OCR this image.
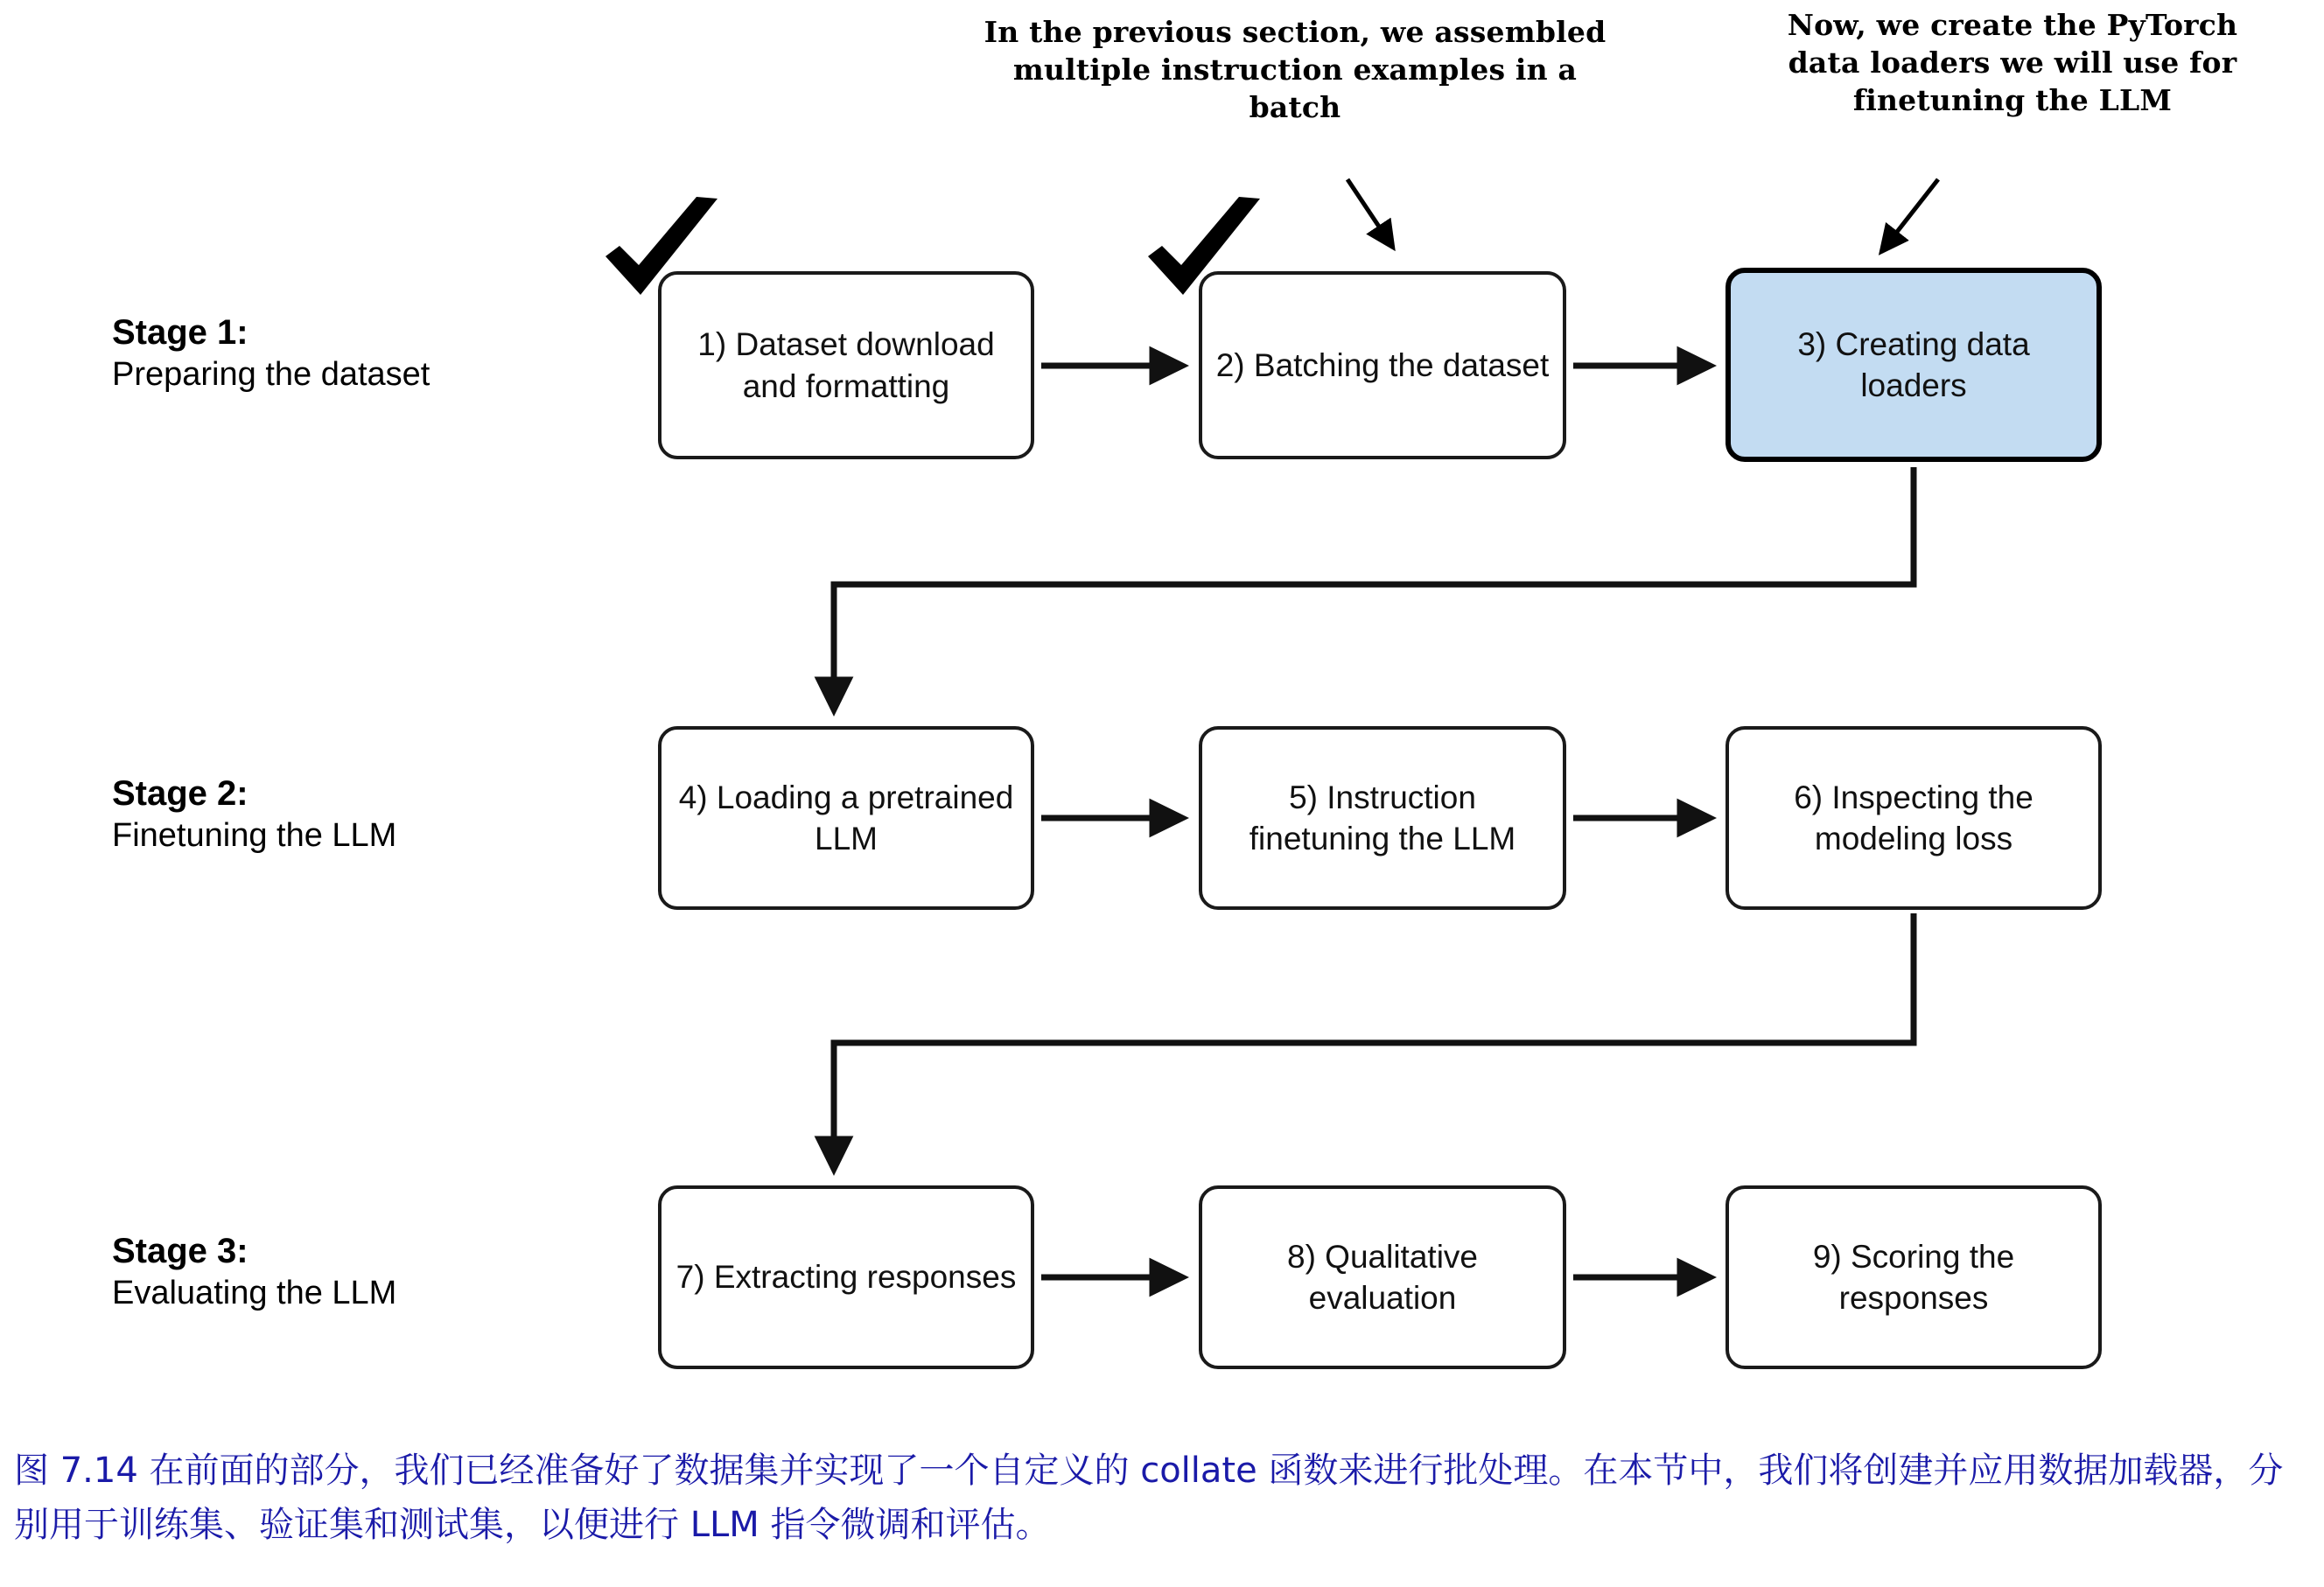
In the previous section, we assembled multiple instruction examples in a batch
Now, we create the PyTorch data loaders we will use for finetuning the LLM
Stage 1:
Preparing the dataset
Stage 2:
Finetuning the LLM
Stage 3:
Evaluating the LLM
1) Dataset download and formatting
2) Batching the dataset
3) Creating data loaders
4) Loading a pretrained LLM
5) Instruction finetuning the LLM
6) Inspecting the modeling loss
7) Extracting responses
8) Qualitative evaluation
9) Scoring the responses
图 7.14 在前面的部分，我们已经准备好了数据集并实现了一个自定义的 collate 函数来进行批处理。在本节中，我们将创建并应用数据加载器，分别用于训练集、验证集和测试集，以便进行 LLM 指令微调和评估。
